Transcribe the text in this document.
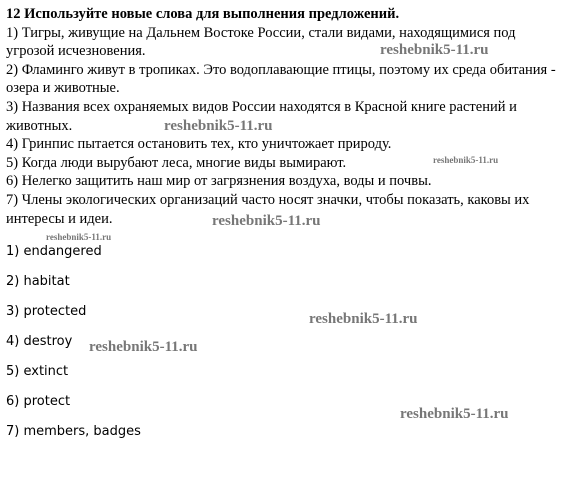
12 Используйте новые слова для выполнения предложений.

1) Тигры, живущие на Дальнем Востоке России, стали видами, находящимися под угрозой исчезновения.

2) Фламинго живут в тропиках. Это водоплавающие птицы, поэтому их среда обитания - озера и животные.

3) Названия всех охраняемых видов России находятся в Красной книге растений и животных.

4) Гринпис пытается остановить тех, кто уничтожает природу.

5) Когда люди вырубают леса, многие виды вымирают.

6) Нелегко защитить наш мир от загрязнения воздуха, воды и почвы.

7) Члены экологических организаций часто носят значки, чтобы показать, каковы их интересы и идеи.

1) endangered
2) habitat
3) protected
4) destroy
5) extinct
6) protect
7) members, badges
reshebnik5-11.ru
reshebnik5-11.ru
reshebnik5-11.ru
reshebnik5-11.ru
reshebnik5-11.ru
reshebnik5-11.ru
reshebnik5-11.ru
reshebnik5-11.ru
